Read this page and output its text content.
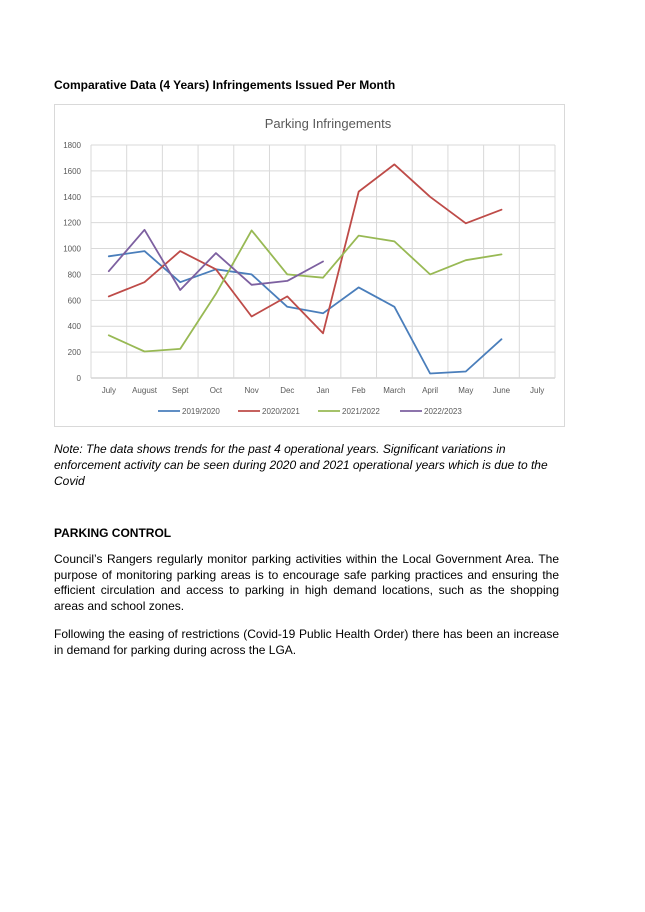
Comparative Data (4 Years) Infringements Issued Per Month
Parking Infringements
0
200
400
600
800
1000
1200
1400
1600
1800
July August Sept	Oct	Nov	Dec	Jan	Feb March April	May June July
2019/2020	2020/2021	2021/2022	2022/2023

Note: The data shows trends for the past 4 operational years. Significant variations in enforcement activity can be seen during 2020 and 2021 operational years which is due to the Covid

PARKING CONTROL

Council’s Rangers regularly monitor parking activities within the Local Government Area. The purpose of monitoring parking areas is to encourage safe parking practices and ensuring the efficient circulation and access to parking in high demand locations, such as the shopping areas and school zones.

Following the easing of restrictions (Covid-19 Public Health Order) there has been an increase in demand for parking during across the LGA.
